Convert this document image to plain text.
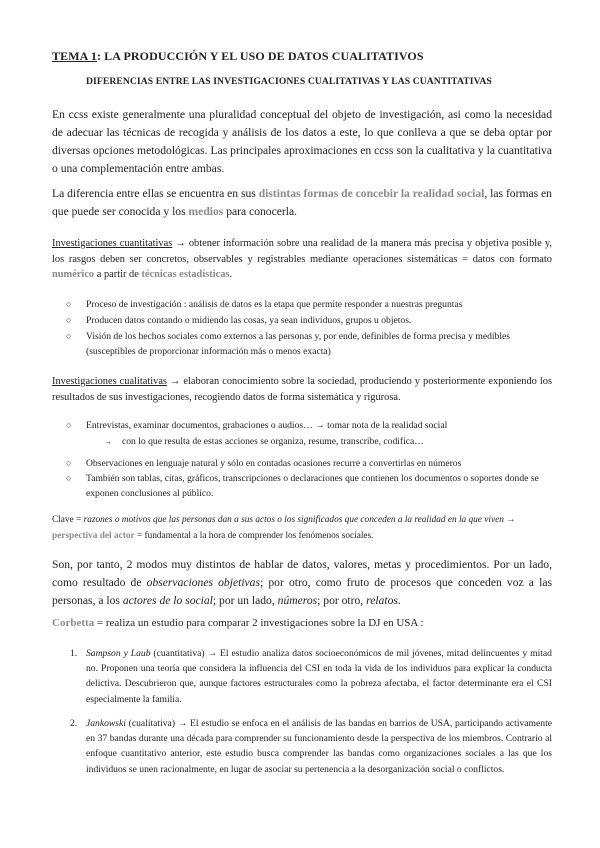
TEMA 1: LA PRODUCCIÓN Y EL USO DE DATOS CUALITATIVOS
DIFERENCIAS ENTRE LAS INVESTIGACIONES CUALITATIVAS Y LAS CUANTITATIVAS
En ccss existe generalmente una pluralidad conceptual del objeto de investigación, asi como la necesidad de adecuar las técnicas de recogida y análisis de los datos a este, lo que conlleva a que se deba optar por diversas opciones metodológicas. Las principales aproximaciones en ccss son la cualitativa y la cuantitativa o una complementación entre ambas.
La diferencia entre ellas se encuentra en sus distintas formas de concebir la realidad social, las formas en que puede ser conocida y los medios para conocerla.
Investigaciones cuantitativas → obtener información sobre una realidad de la manera más precisa y objetiva posible y, los rasgos deben ser concretos, observables y registrables mediante operaciones sistemáticas = datos con formato numérico a partir de técnicas estadísticas.
○ Proceso de investigación : análisis de datos es la etapa que permite responder a nuestras preguntas
○ Producen datos contando o midiendo las cosas, ya sean individuos, grupos u objetos.
○ Visión de los hechos sociales como externos a las personas y, por ende, definibles de forma precisa y medibles (susceptibles de proporcionar información más o menos exacta)
Investigaciones cualitativas → elaboran conocimiento sobre la sociedad, produciendo y posteriormente exponiendo los resultados de sus investigaciones, recogiendo datos de forma sistemática y rigurosa.
○ Entrevistas, examinar documentos, grabaciones o audios… → tomar nota de la realidad social
→ con lo que resulta de estas acciones se organiza, resume, transcribe, codifica…
○ Observaciones en lenguaje natural y sólo en contadas ocasiones recurre a convertirlas en números
○ También son tablas, citas, gráficos, transcripciones o declaraciones que contienen los documentos o soportes donde se exponen conclusiones al público.
Clave = razones o motivos que las personas dan a sus actos o los significados que conceden a la realidad en la que viven → perspectiva del actor = fundamental a la hora de comprender los fenómenos sociales.
Son, por tanto, 2 modos muy distintos de hablar de datos, valores, metas y procedimientos. Por un lado, como resultado de observaciones objetivas; por otro, como fruto de procesos que conceden voz a las personas, a los actores de lo social; por un lado, números; por otro, relatos.
Corbetta = realiza un estudio para comparar 2 investigaciones sobre la DJ en USA :
1. Sampson y Laub (cuantitativa) → El estudio analiza datos socioeconómicos de mil jóvenes, mitad delincuentes y mitad no. Proponen una teoría que considera la influencia del CSI en toda la vida de los individuos para explicar la conducta delictiva. Descubrieron que, aunque factores estructurales como la pobreza afectaba, el factor determinante era el CSI especialmente la familia.
2. Jankowski (cualitativa) → El estudio se enfoca en el análisis de las bandas en barrios de USA, participando activamente en 37 bandas durante una década para comprender su funcionamiento desde la perspectiva de los miembros. Contrario al enfoque cuantitativo anterior, este estudio busca comprender las bandas como organizaciones sociales a las que los individuos se unen racionalmente, en lugar de asociar su pertenencia a la desorganización social o conflictos.
